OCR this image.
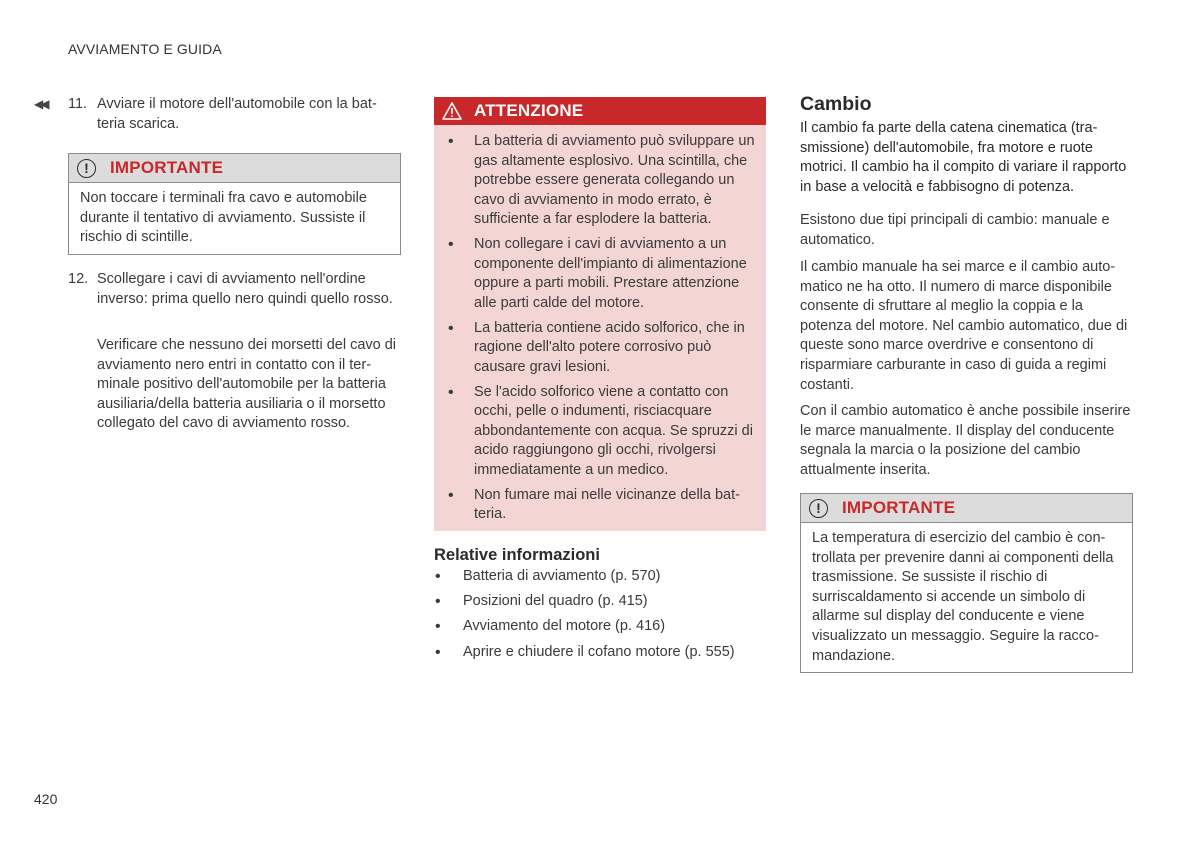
AVVIAMENTO E GUIDA
◀◀ 11. Avviare il motore dell'automobile con la batteria scarica.
!	IMPORTANTE
Non toccare i terminali fra cavo e automobile durante il tentativo di avviamento. Sussiste il rischio di scintille.
12. Scollegare i cavi di avviamento nell'ordine inverso: prima quello nero quindi quello rosso.
Verificare che nessuno dei morsetti del cavo di avviamento nero entri in contatto con il terminale positivo dell'automobile per la batteria ausiliaria/della batteria ausiliaria o il morsetto collegato del cavo di avviamento rosso.
ATTENZIONE
• La batteria di avviamento può sviluppare un gas altamente esplosivo. Una scintilla, che potrebbe essere generata collegando un cavo di avviamento in modo errato, è sufficiente a far esplodere la batteria.
• Non collegare i cavi di avviamento a un componente dell'impianto di alimentazione oppure a parti mobili. Prestare attenzione alle parti calde del motore.
• La batteria contiene acido solforico, che in ragione dell'alto potere corrosivo può causare gravi lesioni.
• Se l'acido solforico viene a contatto con occhi, pelle o indumenti, risciacquare abbondantemente con acqua. Se spruzzi di acido raggiungono gli occhi, rivolgersi immediatamente a un medico.
• Non fumare mai nelle vicinanze della batteria.
Relative informazioni
• Batteria di avviamento (p. 570)
• Posizioni del quadro (p. 415)
• Avviamento del motore (p. 416)
• Aprire e chiudere il cofano motore (p. 555)
Cambio
Il cambio fa parte della catena cinematica (trasmissione) dell'automobile, fra motore e ruote motrici. Il cambio ha il compito di variare il rapporto in base a velocità e fabbisogno di potenza.
Esistono due tipi principali di cambio: manuale e automatico.
Il cambio manuale ha sei marce e il cambio automatico ne ha otto. Il numero di marce disponibile consente di sfruttare al meglio la coppia e la potenza del motore. Nel cambio automatico, due di queste sono marce overdrive e consentono di risparmiare carburante in caso di guida a regimi costanti.
Con il cambio automatico è anche possibile inserire le marce manualmente. Il display del conducente segnala la marcia o la posizione del cambio attualmente inserita.
!	IMPORTANTE
La temperatura di esercizio del cambio è controllata per prevenire danni ai componenti della trasmissione. Se sussiste il rischio di surriscaldamento si accende un simbolo di allarme sul display del conducente e viene visualizzato un messaggio. Seguire la raccomandazione.
420
